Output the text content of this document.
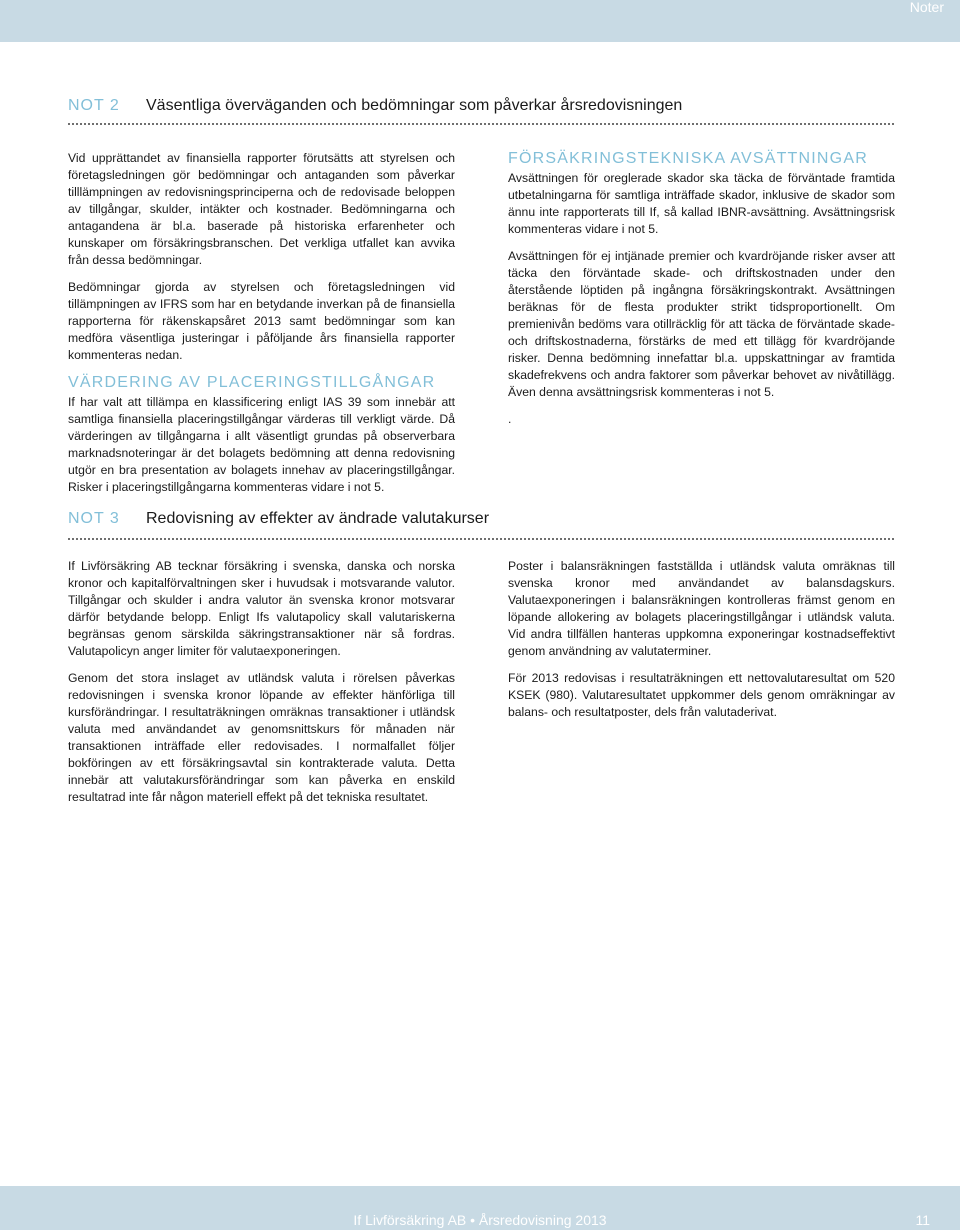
Noter
NOT 2 Väsentliga överväganden och bedömningar som påverkar årsredovisningen

Vid upprättandet av finansiella rapporter förutsätts att styrelsen och företagsledningen gör bedömningar och antaganden som påverkar tilllämpningen av redovisningsprinciperna och de redovisade beloppen av tillgångar, skulder, intäkter och kostnader. Bedömningarna och antagandena är bl.a. baserade på historiska erfarenheter och kunskaper om försäkringsbranschen. Det verkliga utfallet kan avvika från dessa bedömningar.

Bedömningar gjorda av styrelsen och företagsledningen vid tillämpningen av IFRS som har en betydande inverkan på de finansiella rapporterna för räkenskapsåret 2013 samt bedömningar som kan medföra väsentliga justeringar i påföljande års finansiella rapporter kommenteras nedan.

VÄRDERING AV PLACERINGSTILLGÅNGAR

If har valt att tillämpa en klassificering enligt IAS 39 som innebär att samtliga finansiella placeringstillgångar värderas till verkligt värde. Då värderingen av tillgångarna i allt väsentligt grundas på observerbara marknadsnoteringar är det bolagets bedömning att denna redovisning utgör en bra presentation av bolagets innehav av placeringstillgångar. Risker i placeringstillgångarna kommenteras vidare i not 5.

FÖRSÄKRINGSTEKNISKA AVSÄTTNINGAR

Avsättningen för oreglerade skador ska täcka de förväntade framtida utbetalningarna för samtliga inträffade skador, inklusive de skador som ännu inte rapporterats till If, så kallad IBNR-avsättning. Avsättningsrisk kommenteras vidare i not 5.

Avsättningen för ej intjänade premier och kvardröjande risker avser att täcka den förväntade skade- och driftskostnaden under den återstående löptiden på ingångna försäkringskontrakt. Avsättningen beräknas för de flesta produkter strikt tidsproportionellt. Om premienivån bedöms vara otillräcklig för att täcka de förväntade skade- och driftskostnaderna, förstärks de med ett tillägg för kvardröjande risker. Denna bedömning innefattar bl.a. uppskattningar av framtida skadefrekvens och andra faktorer som påverkar behovet av nivåtillägg. Även denna avsättningsrisk kommenteras i not 5.

.

NOT 3 Redovisning av effekter av ändrade valutakurser

If Livförsäkring AB tecknar försäkring i svenska, danska och norska kronor och kapitalförvaltningen sker i huvudsak i motsvarande valutor. Tillgångar och skulder i andra valutor än svenska kronor motsvarar därför betydande belopp. Enligt Ifs valutapolicy skall valutariskerna begränsas genom särskilda säkringstransaktioner när så fordras. Valutapolicyn anger limiter för valutaexponeringen.

Genom det stora inslaget av utländsk valuta i rörelsen påverkas redovisningen i svenska kronor löpande av effekter hänförliga till kursförändringar. I resultaträkningen omräknas transaktioner i utländsk valuta med användandet av genomsnittskurs för månaden när transaktionen inträffade eller redovisades. I normalfallet följer bokföringen av ett försäkringsavtal sin kontrakterade valuta. Detta innebär att valutakursförändringar som kan påverka en enskild resultatrad inte får någon materiell effekt på det tekniska resultatet.

Poster i balansräkningen fastställda i utländsk valuta omräknas till svenska kronor med användandet av balansdagskurs. Valutaexponeringen i balansräkningen kontrolleras främst genom en löpande allokering av bolagets placeringstillgångar i utländsk valuta. Vid andra tillfällen hanteras uppkomna exponeringar kostnadseffektivt genom användning av valutaterminer.

För 2013 redovisas i resultaträkningen ett nettovalutaresultat om 520 KSEK (980). Valutaresultatet uppkommer dels genom omräkningar av balans- och resultatposter, dels från valutaderivat.

If Livförsäkring AB • Årsredovisning 2013	11
